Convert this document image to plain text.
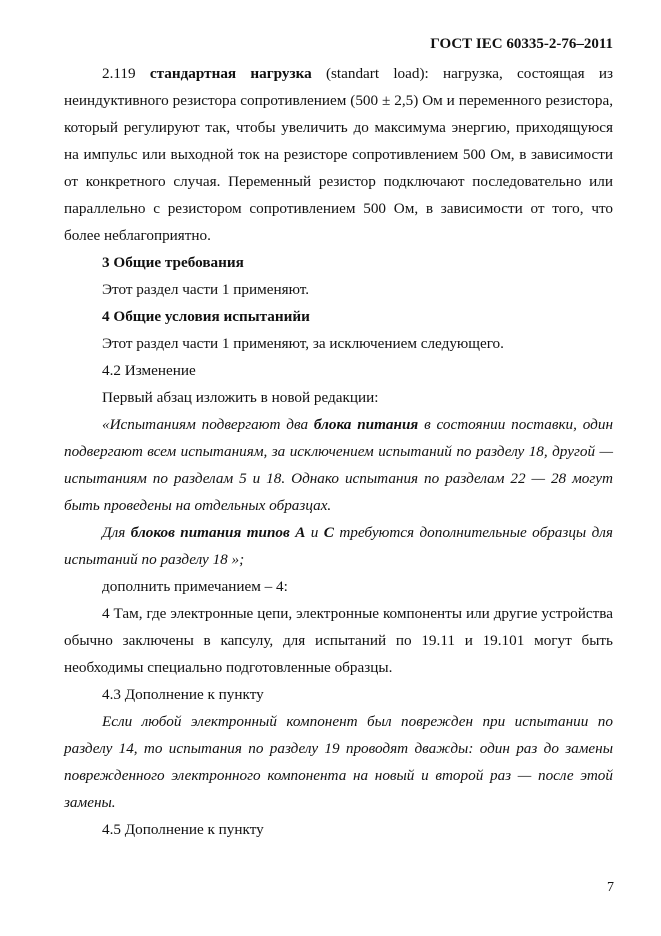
ГОСТ IEC 60335-2-76–2011

2.119 стандартная нагрузка (standart load): нагрузка, состоящая из неиндуктивного резистора сопротивлением (500 ± 2,5) Ом и переменного резистора, который регулируют так, чтобы увеличить до максимума энергию, приходящуюся на импульс или выходной ток на резисторе сопротивлением 500 Ом, в зависимости от конкретного случая. Переменный резистор подключают последовательно или параллельно с резистором сопротивлением 500 Ом, в зависимости от того, что более неблагоприятно.

3 Общие требования

Этот раздел части 1 применяют.

4 Общие условия испытанийи

Этот раздел части 1 применяют, за исключением следующего.

4.2 Изменение

Первый абзац изложить в новой редакции:

«Испытаниям подвергают два блока питания в состоянии поставки, один подвергают всем испытаниям, за исключением испытаний по разделу 18, другой — испытаниям по разделам 5 и 18. Однако испытания по разделам 22 — 28 могут быть проведены на отдельных образцах.

Для блоков питания типов А и С требуются дополнительные образцы для испытаний по разделу 18 »;

дополнить примечанием – 4:

4 Там, где электронные цепи, электронные компоненты или другие устройства обычно заключены в капсулу, для испытаний по 19.11 и 19.101 могут быть необходимы специально подготовленные образцы.

4.3 Дополнение к пункту

Если любой электронный компонент был поврежден при испытании по разделу 14, то испытания по разделу 19 проводят дважды: один раз до замены поврежденного электронного компонента на новый и второй раз — после этой замены.

4.5 Дополнение к пункту

7
